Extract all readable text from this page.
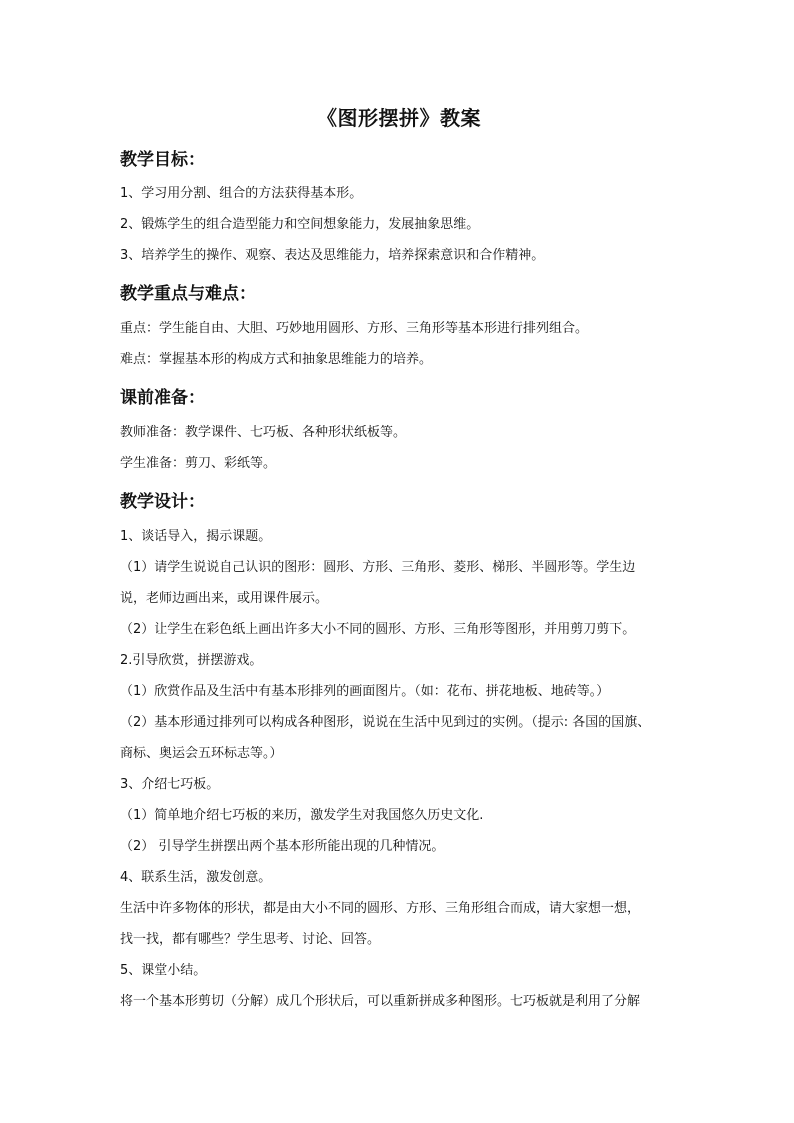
《图形摆拼》教案
教学目标：
1、学习用分割、组合的方法获得基本形。
2、锻炼学生的组合造型能力和空间想象能力，发展抽象思维。
3、培养学生的操作、观察、表达及思维能力，培养探索意识和合作精神。
教学重点与难点：
重点：学生能自由、大胆、巧妙地用圆形、方形、三角形等基本形进行排列组合。
难点：掌握基本形的构成方式和抽象思维能力的培养。
课前准备：
教师准备：教学课件、七巧板、各种形状纸板等。
学生准备：剪刀、彩纸等。
教学设计：
1、谈话导入，揭示课题。
（1）请学生说说自己认识的图形：圆形、方形、三角形、菱形、梯形、半圆形等。学生边
说，老师边画出来，或用课件展示。
（2）让学生在彩色纸上画出许多大小不同的圆形、方形、三角形等图形，并用剪刀剪下。
2.引导欣赏，拼摆游戏。
（1）欣赏作品及生活中有基本形排列的画面图片。（如：花布、拼花地板、地砖等。）
（2）基本形通过排列可以构成各种图形，说说在生活中见到过的实例。（提示: 各国的国旗、
商标、奥运会五环标志等。）
3、介绍七巧板。
（1）简单地介绍七巧板的来历，激发学生对我国悠久历史文化.
（2） 引导学生拼摆出两个基本形所能出现的几种情况。
4、联系生活，激发创意。
生活中许多物体的形状，都是由大小不同的圆形、方形、三角形组合而成，请大家想一想，
找一找，都有哪些？学生思考、讨论、回答。
5、课堂小结。
将一个基本形剪切（分解）成几个形状后，可以重新拼成多种图形。七巧板就是利用了分解
